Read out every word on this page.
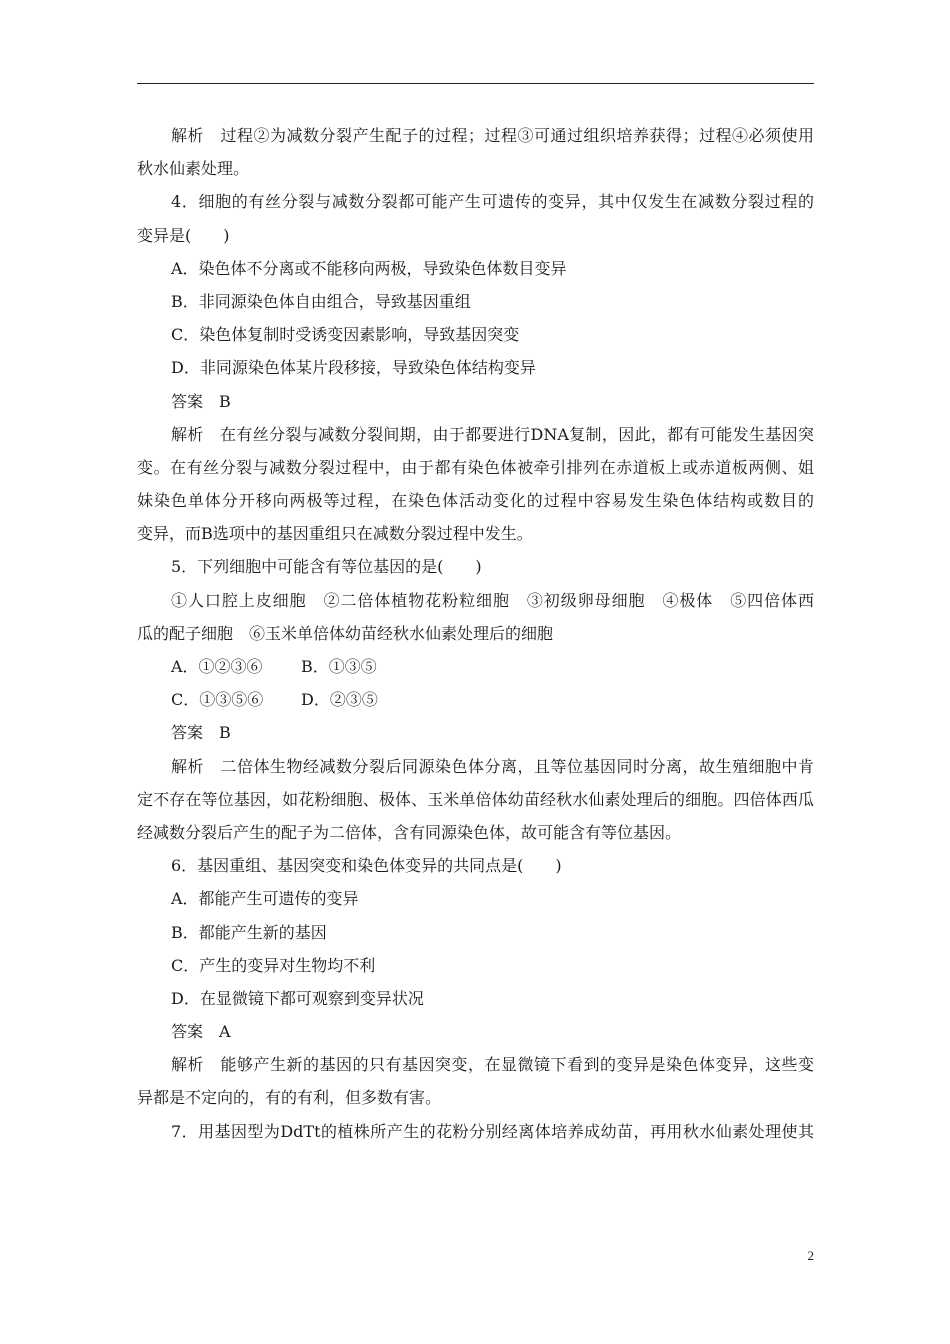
解析　过程②为减数分裂产生配子的过程；过程③可通过组织培养获得；过程④必须使用
秋水仙素处理。
4．细胞的有丝分裂与减数分裂都可能产生可遗传的变异，其中仅发生在减数分裂过程的
变异是(　　)
A．染色体不分离或不能移向两极，导致染色体数目变异
B．非同源染色体自由组合，导致基因重组
C．染色体复制时受诱变因素影响，导致基因突变
D．非同源染色体某片段移接，导致染色体结构变异
答案　B
解析　在有丝分裂与减数分裂间期，由于都要进行DNA复制，因此，都有可能发生基因突
变。在有丝分裂与减数分裂过程中，由于都有染色体被牵引排列在赤道板上或赤道板两侧、姐
妹染色单体分开移向两极等过程，在染色体活动变化的过程中容易发生染色体结构或数目的
变异，而B选项中的基因重组只在减数分裂过程中发生。
5．下列细胞中可能含有等位基因的是(　　)
①人口腔上皮细胞　②二倍体植物花粉粒细胞　③初级卵母细胞　④极体　⑤四倍体西
瓜的配子细胞　⑥玉米单倍体幼苗经秋水仙素处理后的细胞
A．①②③⑥ B．①③⑤
C．①③⑤⑥ D．②③⑤
答案　B
解析　二倍体生物经减数分裂后同源染色体分离，且等位基因同时分离，故生殖细胞中肯
定不存在等位基因，如花粉细胞、极体、玉米单倍体幼苗经秋水仙素处理后的细胞。四倍体西瓜
经减数分裂后产生的配子为二倍体，含有同源染色体，故可能含有等位基因。
6．基因重组、基因突变和染色体变异的共同点是(　　)
A．都能产生可遗传的变异
B．都能产生新的基因
C．产生的变异对生物均不利
D．在显微镜下都可观察到变异状况
答案　A
解析　能够产生新的基因的只有基因突变，在显微镜下看到的变异是染色体变异，这些变
异都是不定向的，有的有利，但多数有害。
7．用基因型为DdTt的植株所产生的花粉分别经离体培养成幼苗，再用秋水仙素处理使其
2
